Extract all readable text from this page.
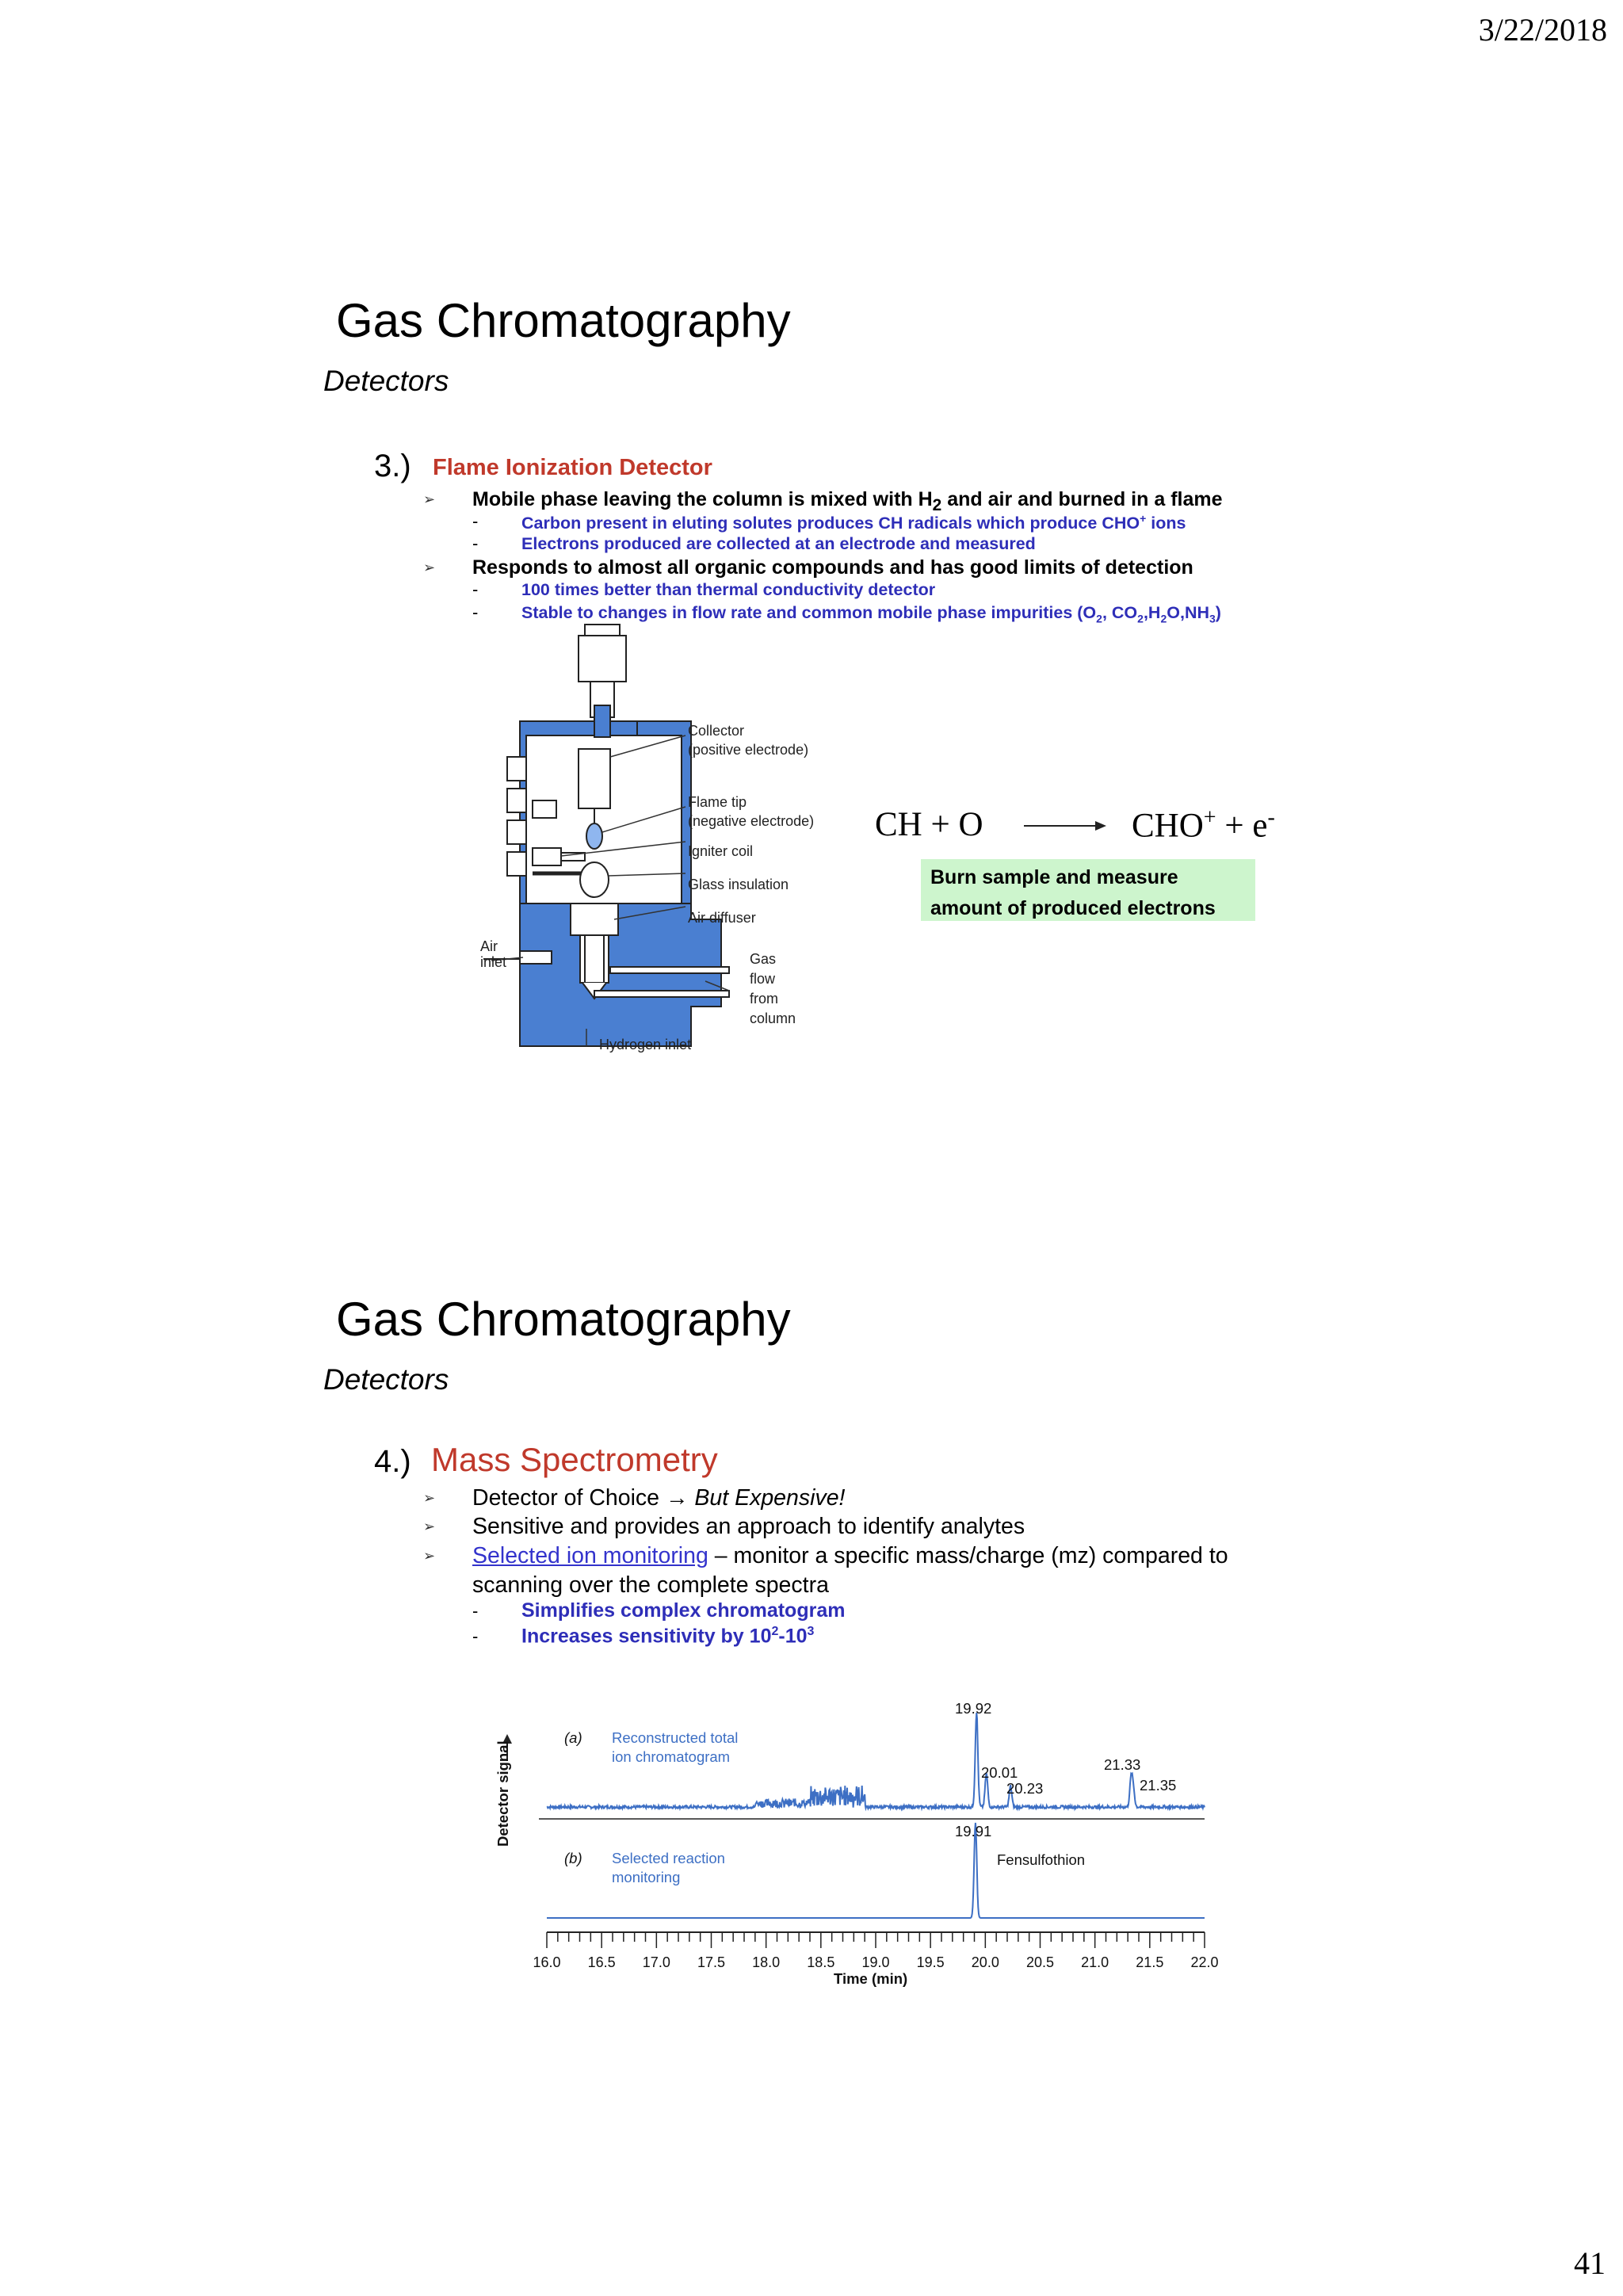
3/22/2018
41
Gas Chromatography
Detectors
3.) Flame Ionization Detector
➢ Mobile phase leaving the column is mixed with $H_2$ and air and burned in a flame
-	Carbon present in eluting solutes produces CH radicals which produce CHO+ ions
-	Electrons produced are collected at an electrode and measured
➢ Responds to almost all organic compounds and has good limits of detection
-	100 times better than thermal conductivity detector
-	Stable to changes in flow rate and common mobile phase impurities ($O_2$, $CO_2,H_2O,NH_3$)
Collector
(positive electrode)
Flame tip
(negative electrode)
Igniter coil
Glass insulation
Air diffuser
Air
inlet	Gas
flow
from
column
Hydrogen inlet
CH + O	CHO+ + e-
Burn sample and measure
amount of produced electrons
Gas Chromatography
Detectors
4.) Mass Spectrometry
➢ Detector of Choice → But Expensive!
➢ Sensitive and provides an approach to identify analytes
➢ Selected ion monitoring – monitor a specific mass/charge (mz) compared to
scanning over the complete spectra
- Simplifies complex chromatogram
- Increases sensitivity by $10^2-10^3$
16.0 16.5 17.0 17.5 18.0 18.5 19.0 19.5 20.0 20.5 21.0 21.5 22.0
Detector signal
Time (min)
(a) Reconstructed total
ion chromatogram
19.92
20.01
20.23
21.33
21.35
(b) Selected reaction
monitoring
19.91
Fensulfothion
